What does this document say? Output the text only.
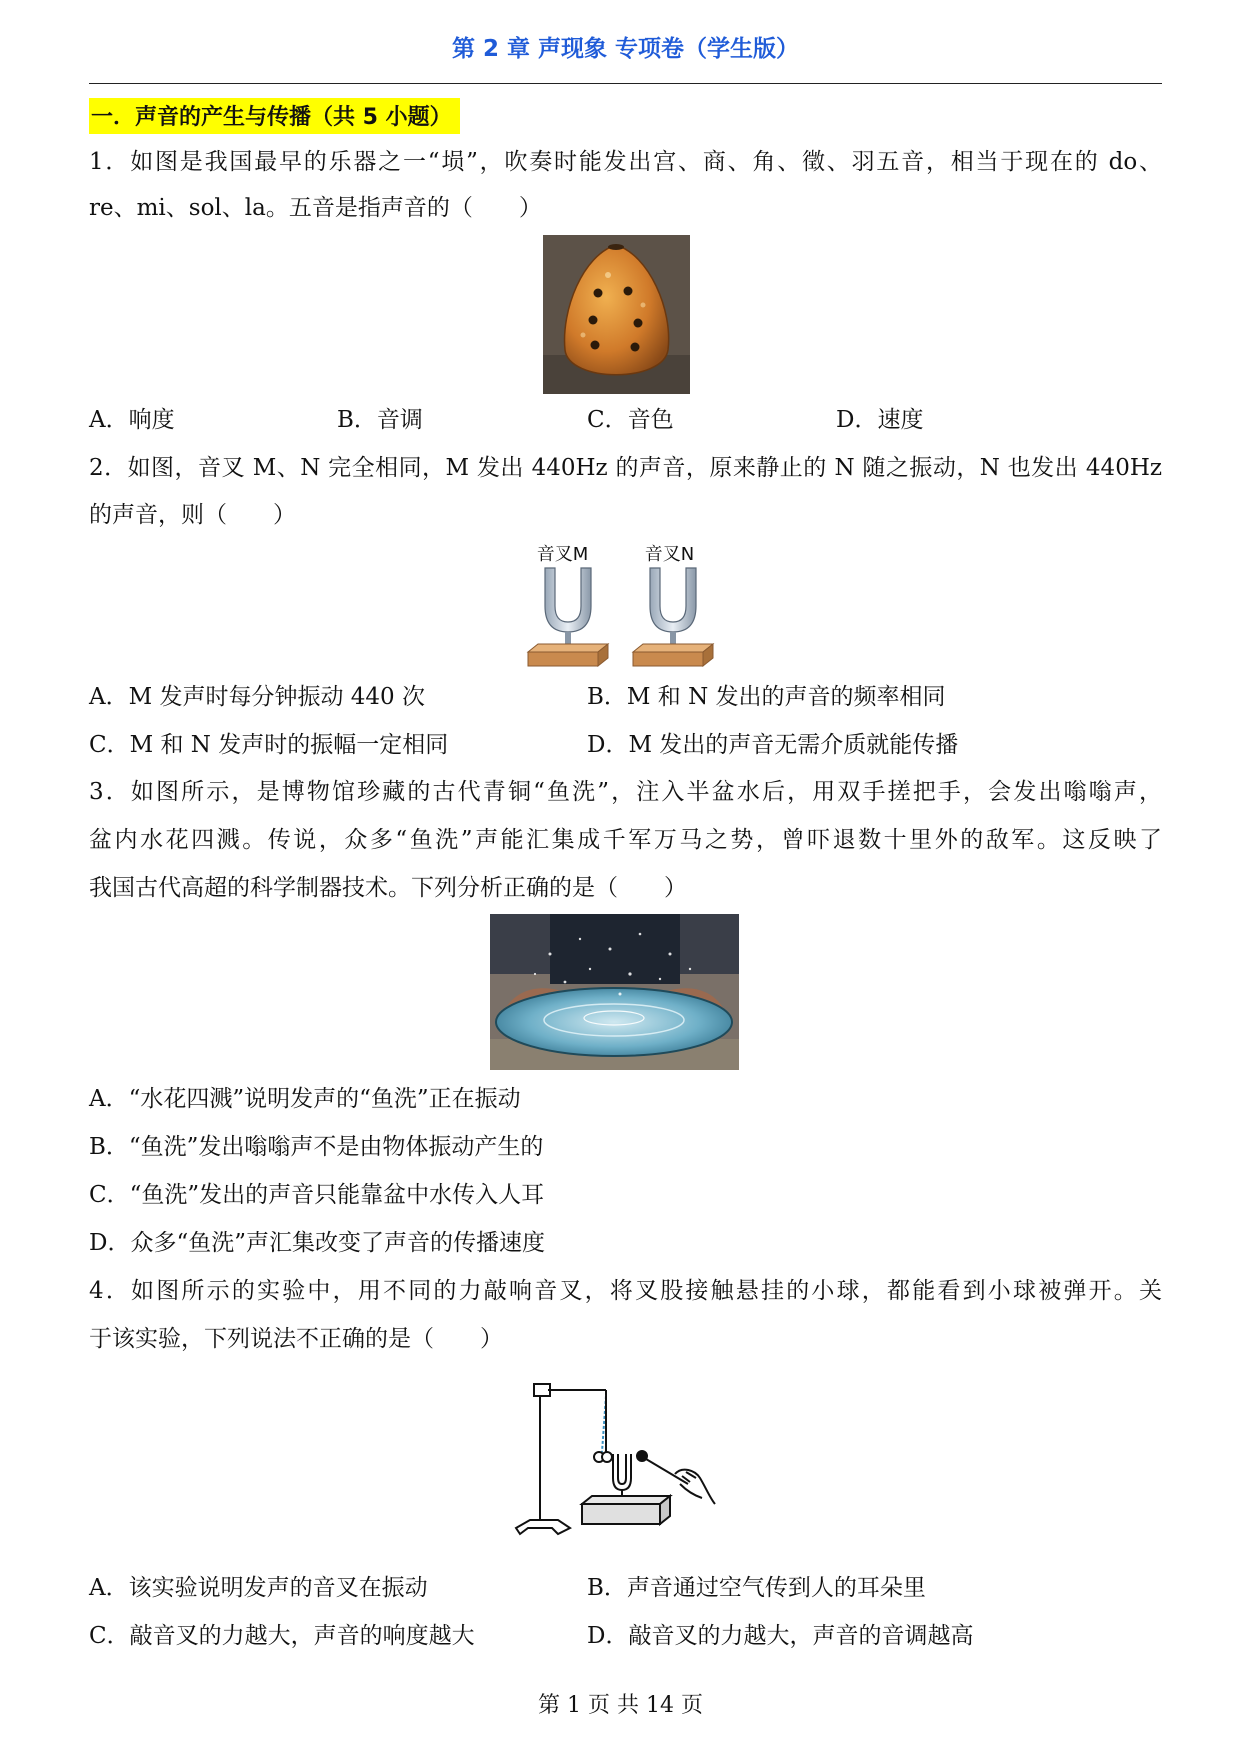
第 2 章 声现象 专项卷（学生版）
一．声音的产生与传播（共 5 小题）
1．如图是我国最早的乐器之一“埙”，吹奏时能发出宫、商、角、徵、羽五音，相当于现在的 do、
re、mi、sol、la。五音是指声音的（　　）
A．响度	B．音调	C．音色	D．速度
2．如图，音叉 M、N 完全相同，M 发出 440Hz 的声音，原来静止的 N 随之振动，N 也发出 440Hz
的声音，则（　　）
音叉M	音叉N
A．M 发声时每分钟振动 440 次	B．M 和 N 发出的声音的频率相同
C．M 和 N 发声时的振幅一定相同	D．M 发出的声音无需介质就能传播
3．如图所示，是博物馆珍藏的古代青铜“鱼洗”，注入半盆水后，用双手搓把手，会发出嗡嗡声，
盆内水花四溅。传说，众多“鱼洗”声能汇集成千军万马之势，曾吓退数十里外的敌军。这反映了
我国古代高超的科学制器技术。下列分析正确的是（　　）
A．“水花四溅”说明发声的“鱼洗”正在振动
B．“鱼洗”发出嗡嗡声不是由物体振动产生的
C．“鱼洗”发出的声音只能靠盆中水传入人耳
D．众多“鱼洗”声汇集改变了声音的传播速度
4．如图所示的实验中，用不同的力敲响音叉，将叉股接触悬挂的小球，都能看到小球被弹开。关
于该实验，下列说法不正确的是（　　）
A．该实验说明发声的音叉在振动	B．声音通过空气传到人的耳朵里
C．敲音叉的力越大，声音的响度越大	D．敲音叉的力越大，声音的音调越高
第 1 页 共 14 页
